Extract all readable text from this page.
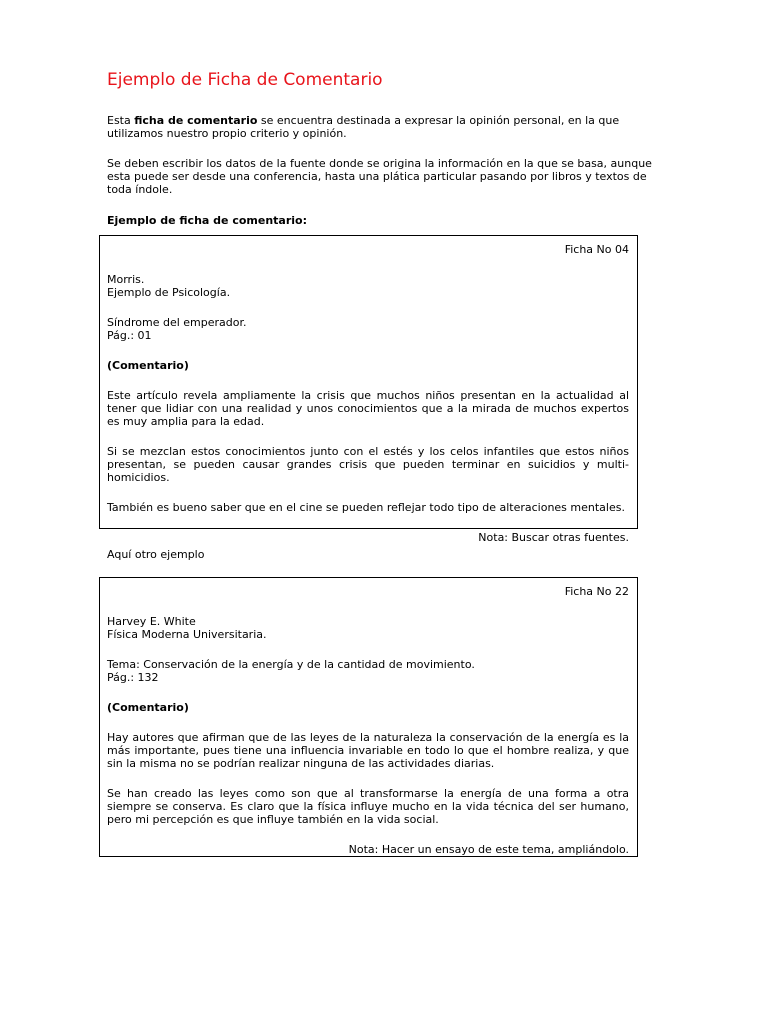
Ejemplo de Ficha de Comentario

Esta ficha de comentario se encuentra destinada a expresar la opinión personal, en la que utilizamos nuestro propio criterio y opinión.

Se deben escribir los datos de la fuente donde se origina la información en la que se basa, aunque esta puede ser desde una conferencia, hasta una plática particular pasando por libros y textos de toda índole.

Ejemplo de ficha de comentario:

Ficha No 04

Morris.

Ejemplo de Psicología.

Síndrome del emperador.

Pág.: 01

(Comentario)

Este artículo revela ampliamente la crisis que muchos niños presentan en la actualidad al tener que lidiar con una realidad y unos conocimientos que a la mirada de muchos expertos es muy amplia para la edad.

Si se mezclan estos conocimientos junto con el estés y los celos infantiles que estos niños presentan, se pueden causar grandes crisis que pueden terminar en suicidios y multi-homicidios.

También es bueno saber que en el cine se pueden reflejar todo tipo de alteraciones mentales.

Nota: Buscar otras fuentes.

Aquí otro ejemplo

Ficha No 22

Harvey E. White

Física Moderna Universitaria.

Tema: Conservación de la energía y de la cantidad de movimiento.

Pág.: 132

(Comentario)

Hay autores que afirman que de las leyes de la naturaleza la conservación de la energía es la más importante, pues tiene una influencia invariable en todo lo que el hombre realiza, y que sin la misma no se podrían realizar ninguna de las actividades diarias.

Se han creado las leyes como son que al transformarse la energía de una forma a otra siempre se conserva. Es claro que la física influye mucho en la vida técnica del ser humano, pero mi percepción es que influye también en la vida social.

Nota: Hacer un ensayo de este tema, ampliándolo.
